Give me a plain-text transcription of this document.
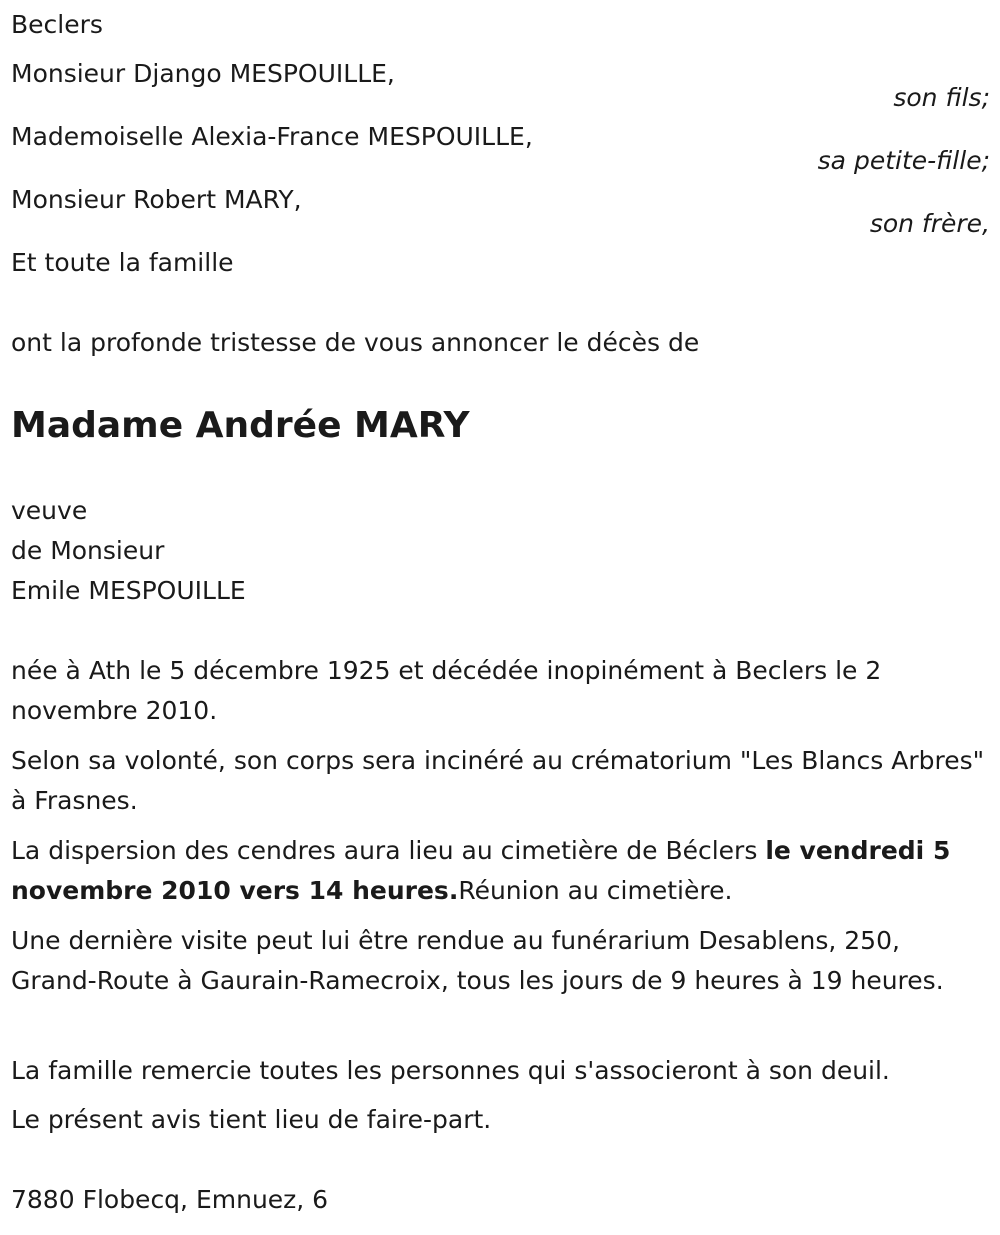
Beclers
Monsieur Django MESPOUILLE,
son fils;
Mademoiselle Alexia-France MESPOUILLE,
sa petite-fille;
Monsieur Robert MARY,
son frère,
Et toute la famille
ont la profonde tristesse de vous annoncer le décès de
Madame Andrée MARY
veuve
de Monsieur
Emile MESPOUILLE
née à Ath le 5 décembre 1925 et décédée inopinément à Beclers le 2 novembre 2010.
Selon sa volonté, son corps sera incinéré au crématorium "Les Blancs Arbres" à Frasnes.
La dispersion des cendres aura lieu au cimetière de Béclers le vendredi 5 novembre 2010 vers 14 heures.Réunion au cimetière.
Une dernière visite peut lui être rendue au funérarium Desablens, 250, Grand-Route à Gaurain-Ramecroix, tous les jours de 9 heures à 19 heures.
La famille remercie toutes les personnes qui s'associeront à son deuil.
Le présent avis tient lieu de faire-part.
7880 Flobecq, Emnuez, 6
